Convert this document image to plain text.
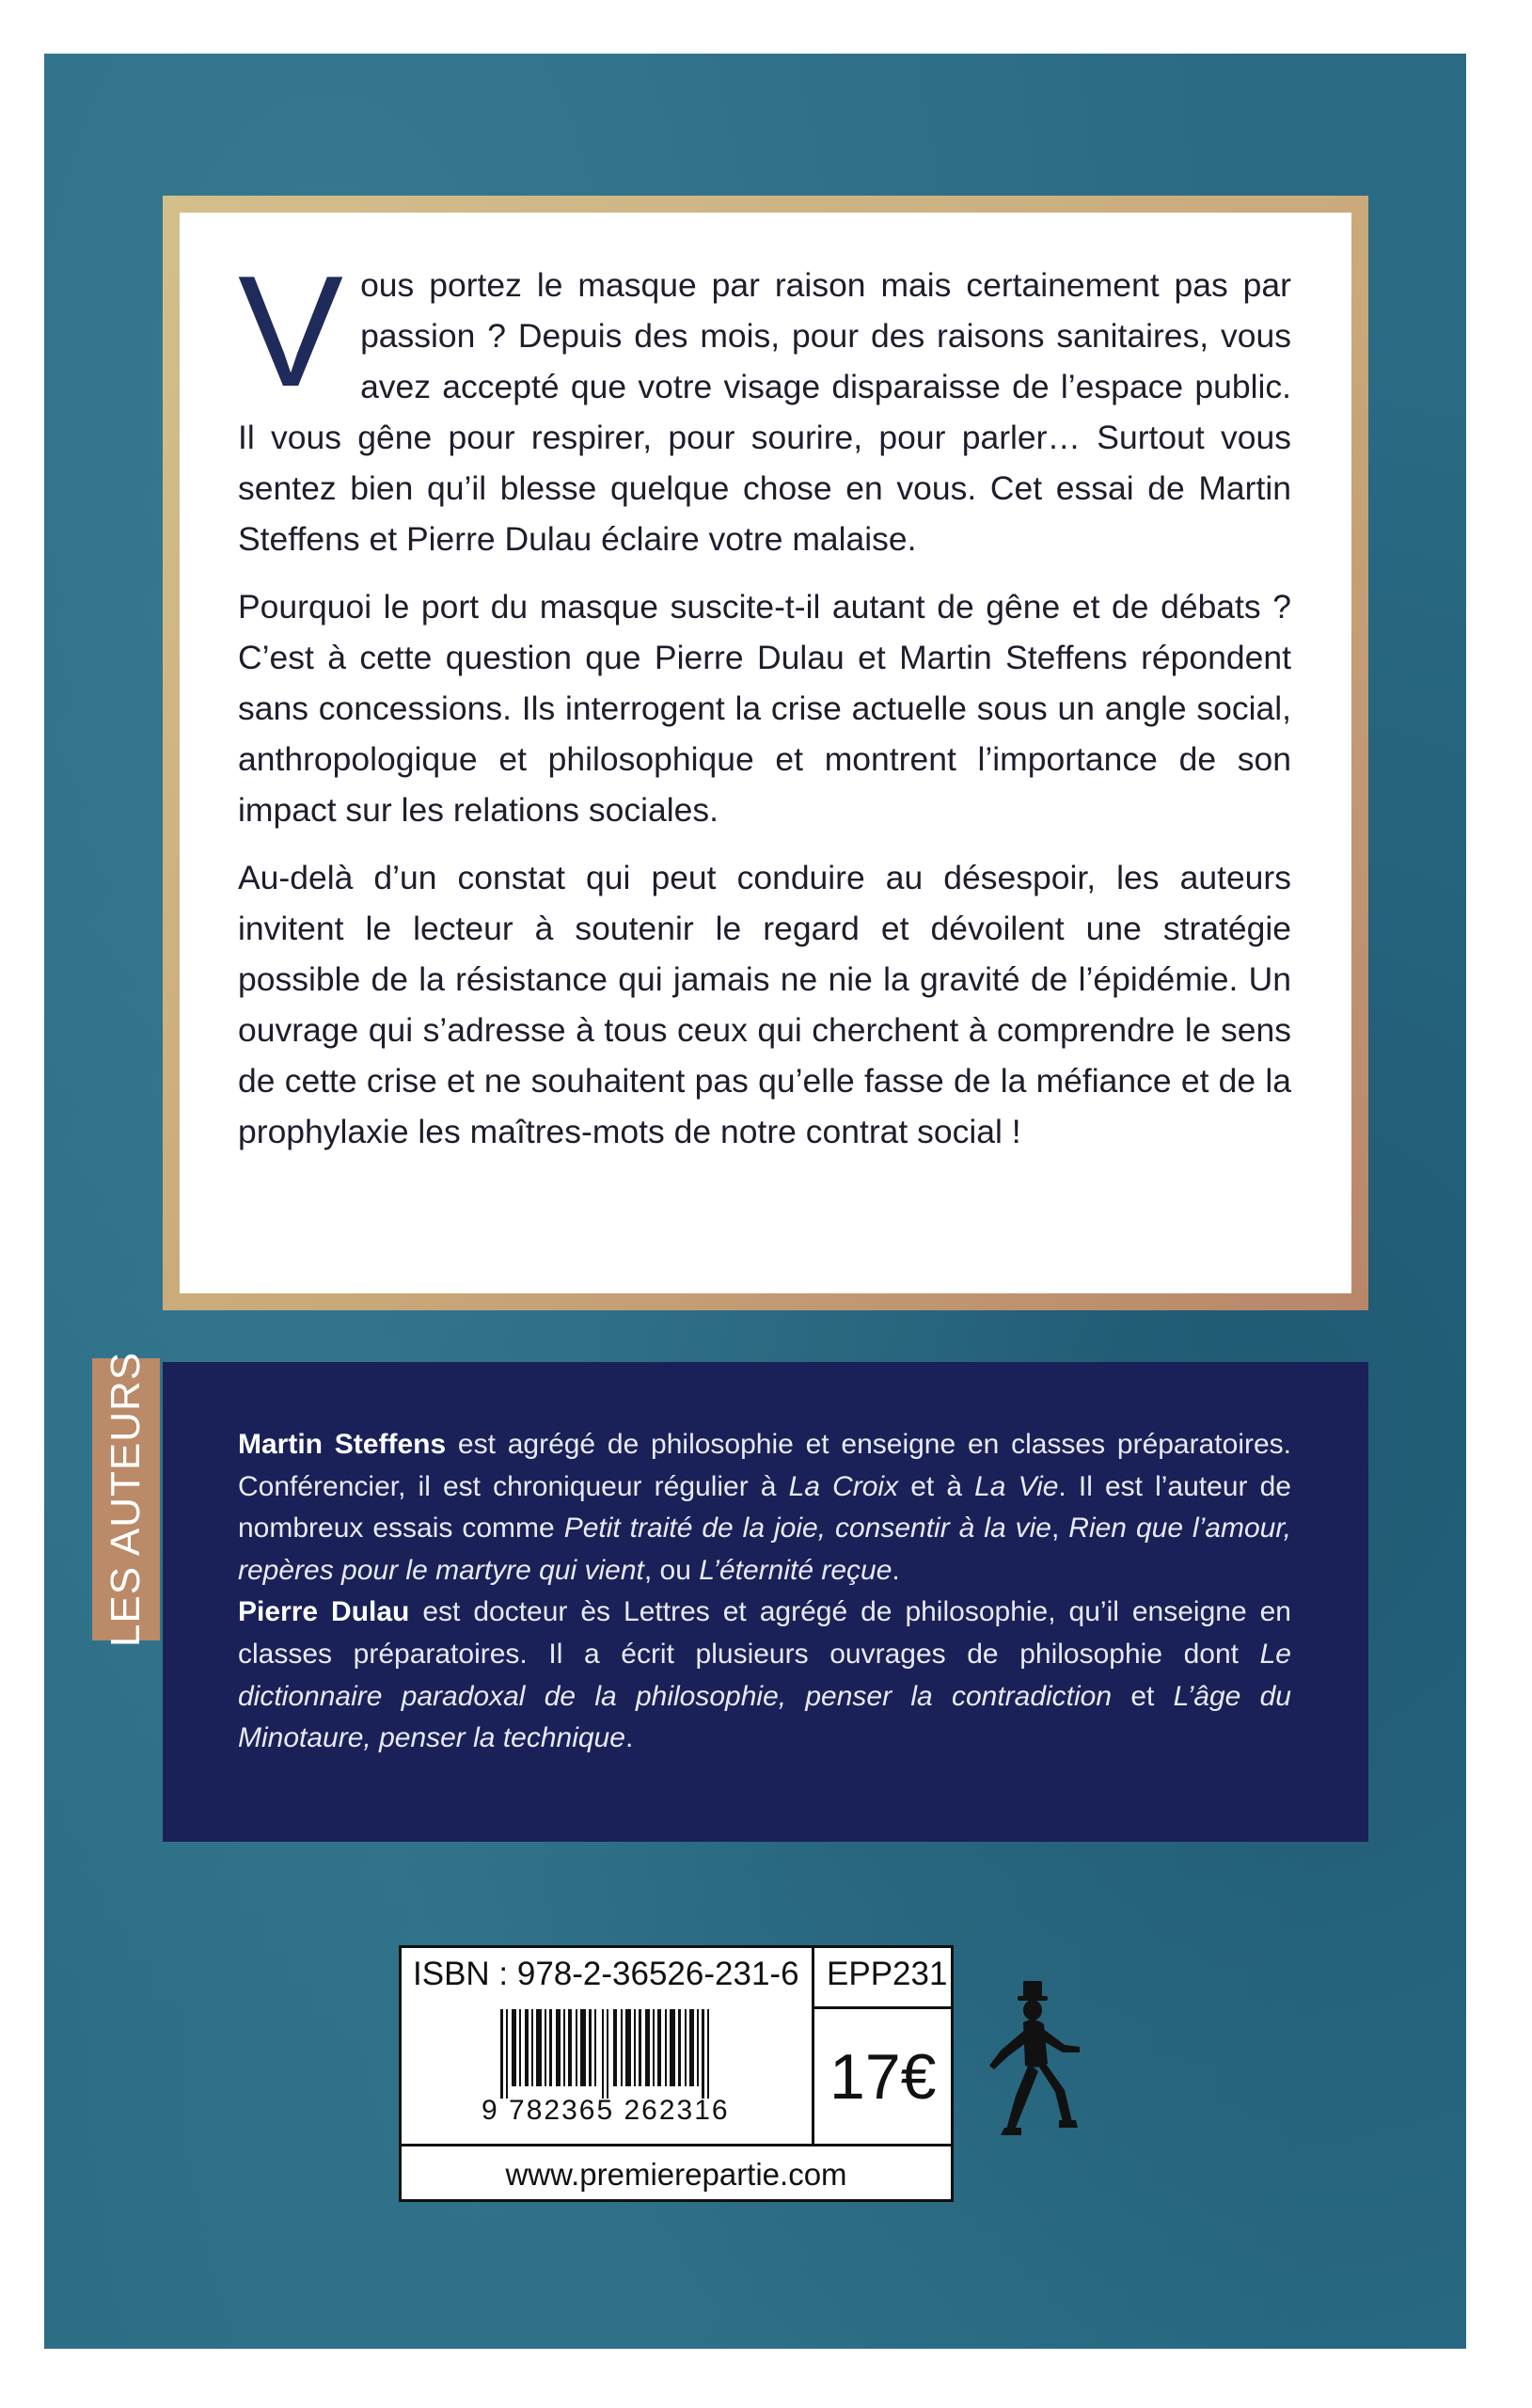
Vous portez le masque par raison mais certainement pas par passion ? Depuis des mois, pour des raisons sanitaires, vous avez accepté que votre visage disparaisse de l’espace public. Il vous gêne pour respirer, pour sourire, pour parler… Surtout vous sentez bien qu’il blesse quelque chose en vous. Cet essai de Martin Steffens et Pierre Dulau éclaire votre malaise.

Pourquoi le port du masque suscite-t-il autant de gêne et de débats ? C’est à cette question que Pierre Dulau et Martin Steffens répondent sans concessions. Ils interrogent la crise actuelle sous un angle social, anthropologique et philosophique et montrent l’importance de son impact sur les relations sociales.

Au-delà d’un constat qui peut conduire au désespoir, les auteurs invitent le lecteur à soutenir le regard et dévoilent une stratégie possible de la résistance qui jamais ne nie la gravité de l’épidémie. Un ouvrage qui s’adresse à tous ceux qui cherchent à comprendre le sens de cette crise et ne souhaitent pas qu’elle fasse de la méfiance et de la prophylaxie les maîtres-mots de notre contrat social !

LES AUTEURS	Martin Steffens est agrégé de philosophie et enseigne en classes préparatoires. Conférencier, il est chroniqueur régulier à La Croix et à La Vie. Il est l’auteur de nombreux essais comme Petit traité de la joie, consentir à la vie, Rien que l’amour, repères pour le martyre qui vient, ou L’éternité reçue.

Pierre Dulau est docteur ès Lettres et agrégé de philosophie, qu’il enseigne en classes préparatoires. Il a écrit plusieurs ouvrages de philosophie dont Le dictionnaire paradoxal de la philosophie, penser la contradiction et L’âge du Minotaure, penser la technique.

ISBN : 978-2-36526-231-6
9 782365 262316
EPP231
17€
www.premierepartie.com
